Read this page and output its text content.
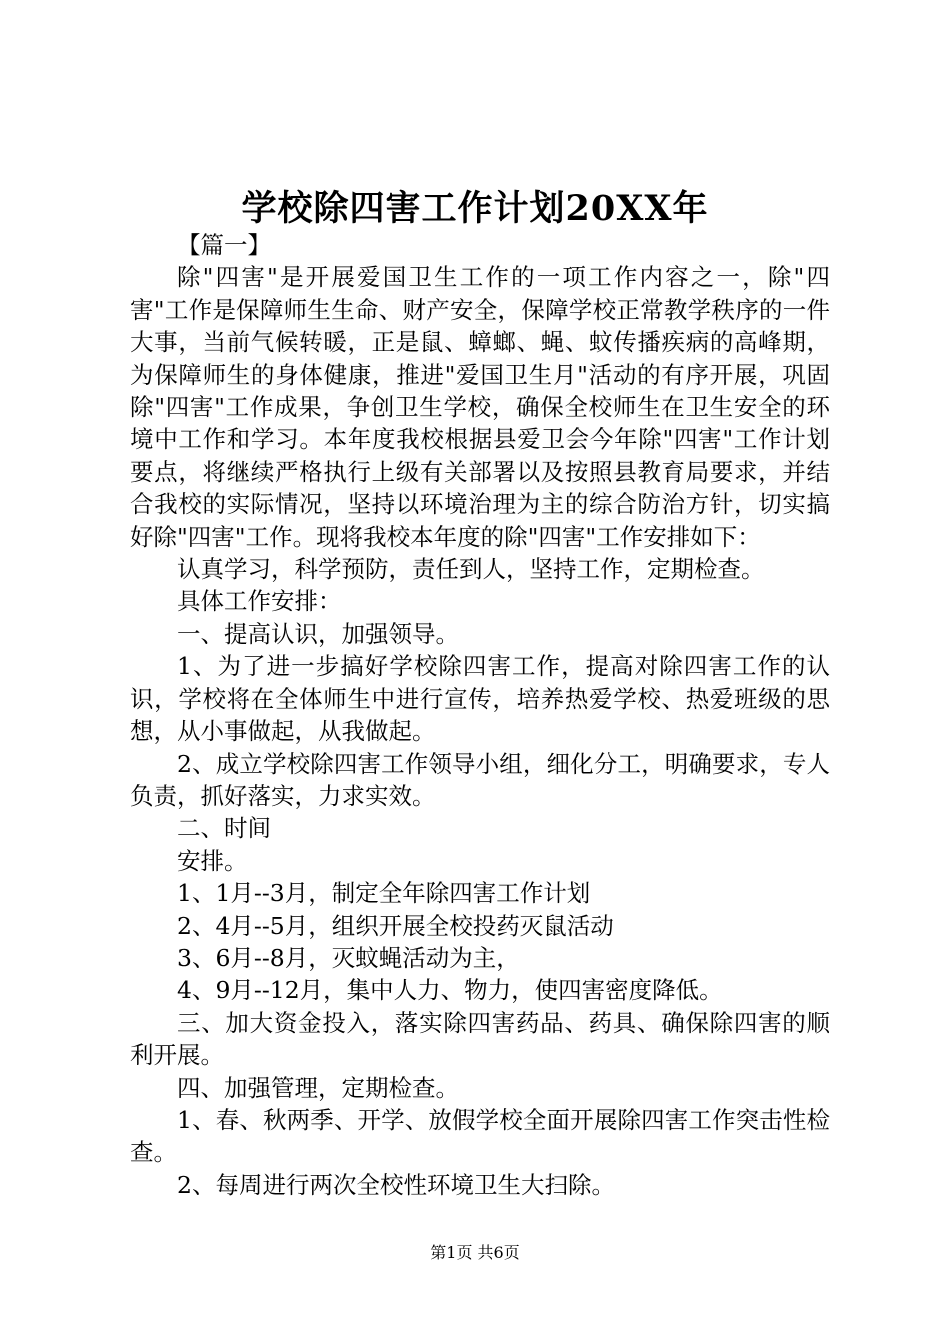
学校除四害工作计划20XX年

【篇一】

除"四害"是开展爱国卫生工作的一项工作内容之一，除"四害"工作是保障师生生命、财产安全，保障学校正常教学秩序的一件大事，当前气候转暖，正是鼠、蟑螂、蝇、蚊传播疾病的高峰期，为保障师生的身体健康，推进"爱国卫生月"活动的有序开展，巩固除"四害"工作成果，争创卫生学校，确保全校师生在卫生安全的环境中工作和学习。本年度我校根据县爱卫会今年除"四害"工作计划要点，将继续严格执行上级有关部署以及按照县教育局要求，并结合我校的实际情况，坚持以环境治理为主的综合防治方针，切实搞好除"四害"工作。现将我校本年度的除"四害"工作安排如下：

认真学习，科学预防，责任到人，坚持工作，定期检查。

具体工作安排：

一、提高认识，加强领导。

1、为了进一步搞好学校除四害工作，提高对除四害工作的认识，学校将在全体师生中进行宣传，培养热爱学校、热爱班级的思想，从小事做起，从我做起。

2、成立学校除四害工作领导小组，细化分工，明确要求，专人负责，抓好落实，力求实效。

二、时间

安排。

1、1月--3月，制定全年除四害工作计划

2、4月--5月，组织开展全校投药灭鼠活动

3、6月--8月，灭蚊蝇活动为主，

4、9月--12月，集中人力、物力，使四害密度降低。

三、加大资金投入，落实除四害药品、药具、确保除四害的顺利开展。

四、加强管理，定期检查。

1、春、秋两季、开学、放假学校全面开展除四害工作突击性检查。

2、每周进行两次全校性环境卫生大扫除。

第1页 共6页
